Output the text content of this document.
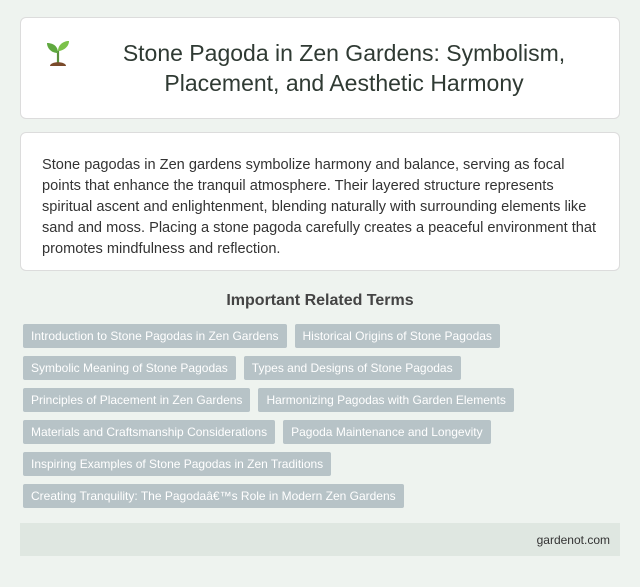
Stone Pagoda in Zen Gardens: Symbolism, Placement, and Aesthetic Harmony

Stone pagodas in Zen gardens symbolize harmony and balance, serving as focal points that enhance the tranquil atmosphere. Their layered structure represents spiritual ascent and enlightenment, blending naturally with surrounding elements like sand and moss. Placing a stone pagoda carefully creates a peaceful environment that promotes mindfulness and reflection.

Important Related Terms
Introduction to Stone Pagodas in Zen Gardens	Historical Origins of Stone Pagodas
Symbolic Meaning of Stone Pagodas	Types and Designs of Stone Pagodas
Principles of Placement in Zen Gardens	Harmonizing Pagodas with Garden Elements
Materials and Craftsmanship Considerations	Pagoda Maintenance and Longevity
Inspiring Examples of Stone Pagodas in Zen Traditions
Creating Tranquility: The Pagodaâ€™s Role in Modern Zen Gardens
gardenot.com
